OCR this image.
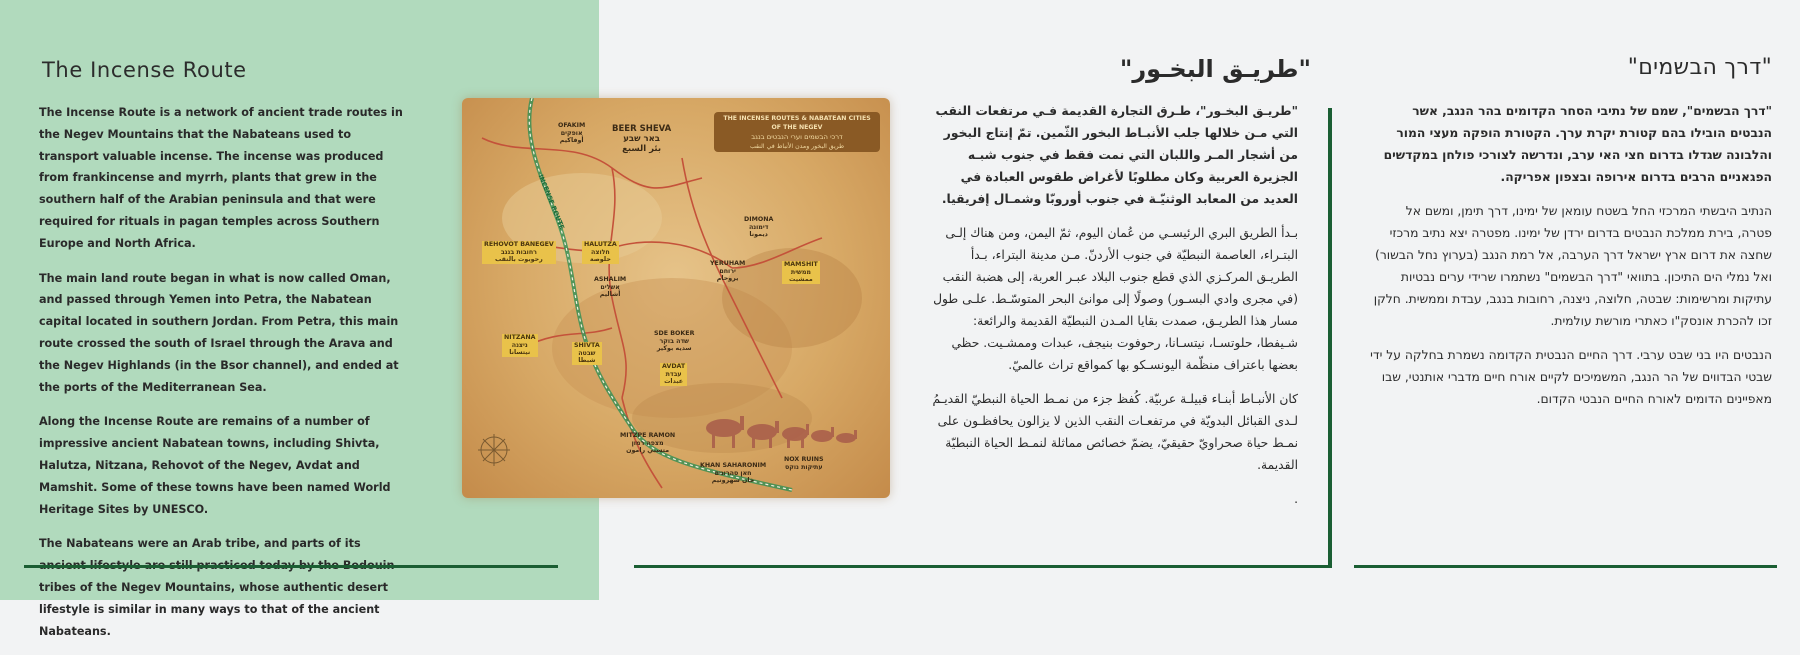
The Incense Route

The Incense Route is a network of ancient trade routes in the Negev Mountains that the Nabateans used to transport valuable incense. The incense was produced from frankincense and myrrh, plants that grew in the southern half of the Arabian peninsula and that were required for rituals in pagan temples across Southern Europe and North Africa.

The main land route began in what is now called Oman, and passed through Yemen into Petra, the Nabatean capital located in southern Jordan. From Petra, this main route crossed the south of Israel through the Arava and the Negev Highlands (in the Bsor channel), and ended at the ports of the Mediterranean Sea.

Along the Incense Route are remains of a number of impressive ancient Nabatean towns, including Shivta, Halutza, Nitzana, Rehovot of the Negev, Avdat and Mamshit. Some of these towns have been named World Heritage Sites by UNESCO.

The Nabateans were an Arab tribe, and parts of its tribes of the Negev Mountains, whose authentic desert lifestyle is similar in many ways to that of the ancient Nabateans.

THE INCENSE ROUTES & NABATEAN CITIES OF THE NEGEV
דרכי הבשמים וערי הנבטים בנגב
طريق البخور ومدن الأنباط في النقب
INCENSE ROUTE
OFAKIM
אופקים
أوفاكيم
BEER SHEVA
באר שבע
بئر السبع
REHOVOT BANEGEV
רחובות בנגב
رحوبوت بالنقب
HALUTZA
חלוצה
حلوصة
ASHALIM
אשלים
أشاليم
DIMONA
דימונה
ديمونا
YERUHAM
ירוחם
يروحام
MAMSHIT
ממשית
ممشيت
NITZANA
ניצנה
نيتسانا
SHIVTA
שבטה
شبطا
SDE BOKER
שדה בוקר
سديه بوكير
AVDAT
עבדת
عبدات
MITZPE RAMON
מצפה רמון
متسبي رامون
KHAN SAHARONIM
חאן סהרונים
خان سهرونيم
NOX RUINS
עתיקות נוקס
"طريـق البخـور"

"طريـق البخـور"، طـرق التجارة القديمة فـي مرتفعات النقب التي مـن خلالها جلب الأنبـاط البخور الثّمين. تمّ إنتاج البخور من أشجار المـر واللبان التي نمت فقط في جنوب شبـه الجزيرة العربية وكان مطلوبًا لأغراض طقوس العبادة في العديد من المعابد الوثنيّـة في جنوب أوروبّا وشمـال إفريقيا.

بـدأ الطريق البري الرئيسـي من عُمان اليوم، ثمّ اليمن، ومن هناك إلـى البتـراء، العاصمة النبطيّة في جنوب الأردنّ. مـن مدينة البتراء، بـدأ الطريـق المركـزي الذي قطع جنوب البلاد عبـر العربة، إلى هضبة النقب (في مجرى وادي البسـور) وصولًا إلى موانئ البحر المتوسّـط. علـى طول مسار هذا الطريـق، صمدت بقايا المـدن النبطيّة القديمة والرائعة: شـيفطا، حلوتسـا، نيتسـانا، رحوفوت بنيجف، عبدات وممشـيت. حظي بعضها باعتراف منظّمة اليونسـكو بها كمواقع تراث عالميّ.

كان الأنبـاط أبنـاء قبيلـة عربيّة. كُفظ جزء من نمـط الحياة النبطيّ القديـمُ لـدى القبائل البدويّة في مرتفعـات النقب الذين لا يزالون يحافظـون على نمـط حياة صحراويّ حقيقيّ، يضمّ خصائص مماثلة لنمـط الحياة النبطيّة القديمة.

.

"דרך הבשמים"

"דרך הבשמים", שמם של נתיבי הסחר הקדומים בהר הנגב, אשר הנבטים הובילו בהם קטורת יקרת ערך. הקטורת הופקה מעצי המור והלבונה שגדלו בדרום חצי האי ערב, ונדרשה לצורכי פולחן במקדשים הפגאניים הרבים בדרום אירופה ובצפון אפריקה.

הנתיב היבשתי המרכזי החל בשטח עומאן של ימינו, דרך תימן, ומשם אל פטרה, בירת ממלכת הנבטים בדרום ירדן של ימינו. מפטרה יצא נתיב מרכזי שחצה את דרום ארץ ישראל דרך הערבה, אל רמת הנגב (בערוץ נחל הבשור) ואל נמלי הים התיכון. בתוואי "דרך הבשמים" נשתמרו שרידי ערים נבטיות עתיקות ומרשימות: שבטה, חלוצה, ניצנה, רחובות בנגב, עבדת וממשית. חלקן זכו להכרת אונסק"ו כאתרי מורשת עולמית.

הנבטים היו בני שבט ערבי. דרך החיים הנבטית הקדומה נשמרת בחלקה על ידי שבטי הבדווים של הר הנגב, המשמיכים לקיים אורח חיים מדברי אותנטי, שבו מאפיינים הדומים לאורח החיים הנבטי הקדום.
